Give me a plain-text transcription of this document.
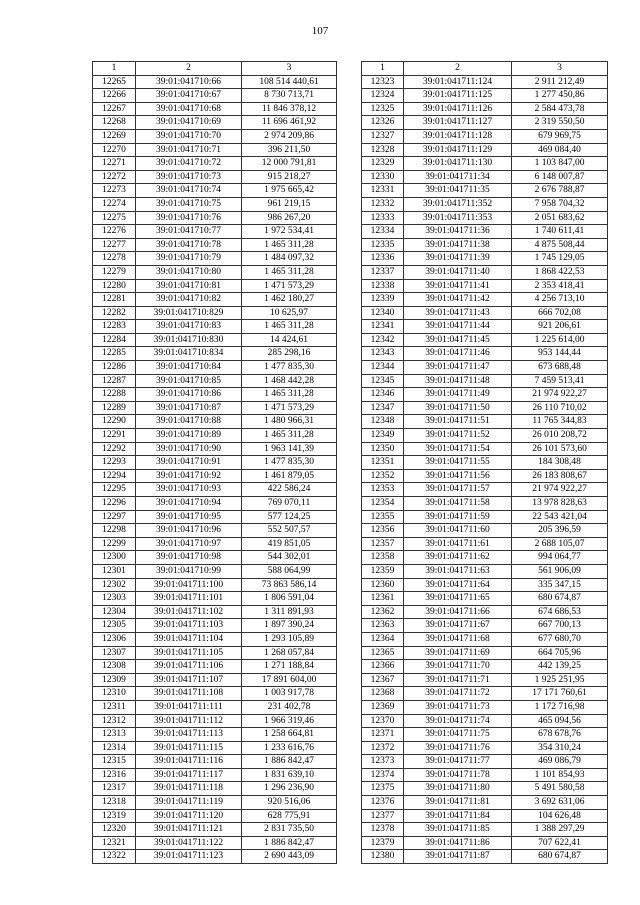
107
1	2	3
12265	39:01:041710:66	108 514 440,61
12266	39:01:041710:67	8 730 713,71
12267	39:01:041710:68	11 846 378,12
12268	39:01:041710:69	11 696 461,92
12269	39:01:041710:70	2 974 209,86
12270	39:01:041710:71	396 211,50
12271	39:01:041710:72	12 000 791,81
12272	39:01:041710:73	915 218,27
12273	39:01:041710:74	1 975 665,42
12274	39:01:041710:75	961 219,15
12275	39:01:041710:76	986 267,20
12276	39:01:041710:77	1 972 534,41
12277	39:01:041710:78	1 465 311,28
12278	39:01:041710:79	1 484 097,32
12279	39:01:041710:80	1 465 311,28
12280	39:01:041710:81	1 471 573,29
12281	39:01:041710:82	1 462 180,27
12282	39:01:041710:829	10 625,97
12283	39:01:041710:83	1 465 311,28
12284	39:01:041710:830	14 424,61
12285	39:01:041710:834	285 298,16
12286	39:01:041710:84	1 477 835,30
12287	39:01:041710:85	1 468 442,28
12288	39:01:041710:86	1 465 311,28
12289	39:01:041710:87	1 471 573,29
12290	39:01:041710:88	1 480 966,31
12291	39:01:041710:89	1 465 311,28
12292	39:01:041710:90	1 963 141,39
12293	39:01:041710:91	1 477 835,30
12294	39:01:041710:92	1 461 879,05
12295	39:01:041710:93	422 586,24
12296	39:01:041710:94	769 070,11
12297	39:01:041710:95	577 124,25
12298	39:01:041710:96	552 507,57
12299	39:01:041710:97	419 851,05
12300	39:01:041710:98	544 302,01
12301	39:01:041710:99	588 064,99
12302	39:01:041711:100	73 863 586,14
12303	39:01:041711:101	1 806 591,04
12304	39:01:041711:102	1 311 891,93
12305	39:01:041711:103	1 897 390,24
12306	39:01:041711:104	1 293 105,89
12307	39:01:041711:105	1 268 057,84
12308	39:01:041711:106	1 271 188,84
12309	39:01:041711:107	17 891 604,00
12310	39:01:041711:108	1 003 917,78
12311	39:01:041711:111	231 402,78
12312	39:01:041711:112	1 966 319,46
12313	39:01:041711:113	1 258 664,81
12314	39:01:041711:115	1 233 616,76
12315	39:01:041711:116	1 886 842,47
12316	39:01:041711:117	1 831 639,10
12317	39:01:041711:118	1 296 236,90
12318	39:01:041711:119	920 516,06
12319	39:01:041711:120	628 775,91
12320	39:01:041711:121	2 831 735,50
12321	39:01:041711:122	1 886 842,47
12322	39:01:041711:123	2 690 443,09
1	2	3
12323	39:01:041711:124	2 911 212,49
12324	39:01:041711:125	1 277 450,86
12325	39:01:041711:126	2 584 473,78
12326	39:01:041711:127	2 319 550,50
12327	39:01:041711:128	679 969,75
12328	39:01:041711:129	469 084,40
12329	39:01:041711:130	1 103 847,00
12330	39:01:041711:34	6 148 007,87
12331	39:01:041711:35	2 676 788,87
12332	39:01:041711:352	7 958 704,32
12333	39:01:041711:353	2 051 683,62
12334	39:01:041711:36	1 740 611,41
12335	39:01:041711:38	4 875 508,44
12336	39:01:041711:39	1 745 129,05
12337	39:01:041711:40	1 868 422,53
12338	39:01:041711:41	2 353 418,41
12339	39:01:041711:42	4 256 713,10
12340	39:01:041711:43	666 702,08
12341	39:01:041711:44	921 206,61
12342	39:01:041711:45	1 225 614,00
12343	39:01:041711:46	953 144,44
12344	39:01:041711:47	673 688,48
12345	39:01:041711:48	7 459 513,41
12346	39:01:041711:49	21 974 922,27
12347	39:01:041711:50	26 110 710,02
12348	39:01:041711:51	11 765 344,83
12349	39:01:041711:52	26 010 208,72
12350	39:01:041711:54	26 101 573,60
12351	39:01:041711:55	184 308,48
12352	39:01:041711:56	26 183 808,67
12353	39:01:041711:57	21 974 922,27
12354	39:01:041711:58	13 978 828,63
12355	39:01:041711:59	22 543 421,04
12356	39:01:041711:60	205 396,59
12357	39:01:041711:61	2 688 105,07
12358	39:01:041711:62	994 064,77
12359	39:01:041711:63	561 906,09
12360	39:01:041711:64	335 347,15
12361	39:01:041711:65	680 674,87
12362	39:01:041711:66	674 686,53
12363	39:01:041711:67	667 700,13
12364	39:01:041711:68	677 680,70
12365	39:01:041711:69	664 705,96
12366	39:01:041711:70	442 139,25
12367	39:01:041711:71	1 925 251,95
12368	39:01:041711:72	17 171 760,61
12369	39:01:041711:73	1 172 716,98
12370	39:01:041711:74	465 094,56
12371	39:01:041711:75	678 678,76
12372	39:01:041711:76	354 310,24
12373	39:01:041711:77	469 086,79
12374	39:01:041711:78	1 101 854,93
12375	39:01:041711:80	5 491 580,58
12376	39:01:041711:81	3 692 631,06
12377	39:01:041711:84	104 626,48
12378	39:01:041711:85	1 388 297,29
12379	39:01:041711:86	707 622,41
12380	39:01:041711:87	680 674,87
